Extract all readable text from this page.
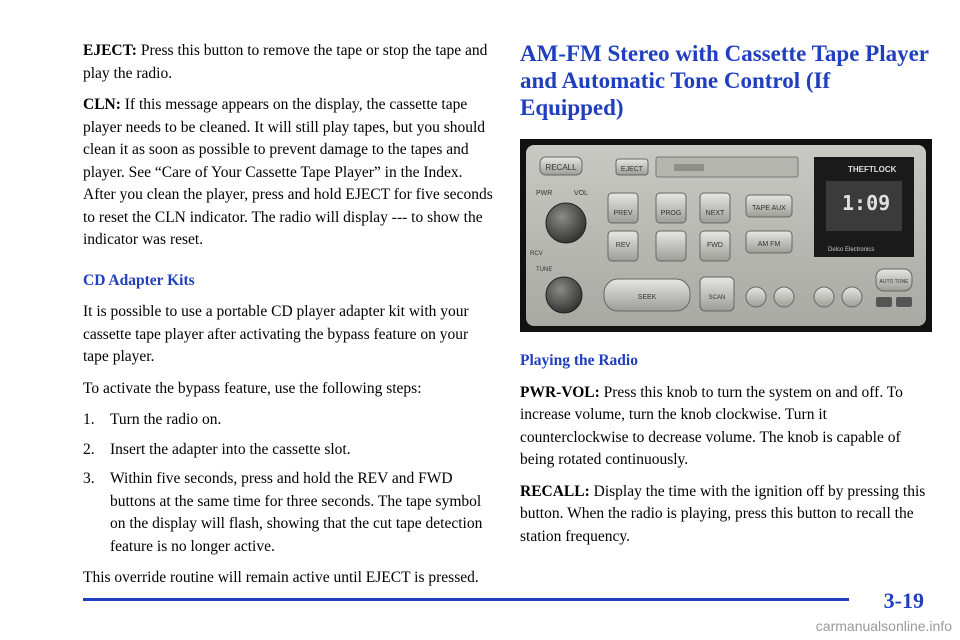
EJECT: Press this button to remove the tape or stop the tape and play the radio.

CLN: If this message appears on the display, the cassette tape player needs to be cleaned. It will still play tapes, but you should clean it as soon as possible to prevent damage to the tapes and player. See “Care of Your Cassette Tape Player” in the Index. After you clean the player, press and hold EJECT for five seconds to reset the CLN indicator. The radio will display --- to show the indicator was reset.

CD Adapter Kits

It is possible to use a portable CD player adapter kit with your cassette tape player after activating the bypass feature on your tape player.

To activate the bypass feature, use the following steps:

1. Turn the radio on.
2. Insert the adapter into the cassette slot.
3. Within five seconds, press and hold the REV and FWD buttons at the same time for three seconds. The tape symbol on the display will flash, showing that the cut tape detection feature is no longer active.

This override routine will remain active until EJECT is pressed.

AM-FM Stereo with Cassette Tape Player and Automatic Tone Control (If Equipped)
RECALL	EJECT	THEFTLOCK
1:09
Delco Electronics
PWR	VOL
RCV
PREV	PROG	NEXT
TAPE AUX
REV	FWD	AM FM
TUNE
SEEK	SCAN
AUTO TONE
Playing the Radio

PWR-VOL: Press this knob to turn the system on and off. To increase volume, turn the knob clockwise. Turn it counterclockwise to decrease volume. The knob is capable of being rotated continuously.

RECALL: Display the time with the ignition off by pressing this button. When the radio is playing, press this button to recall the station frequency.

3-19
carmanualsonline.info
